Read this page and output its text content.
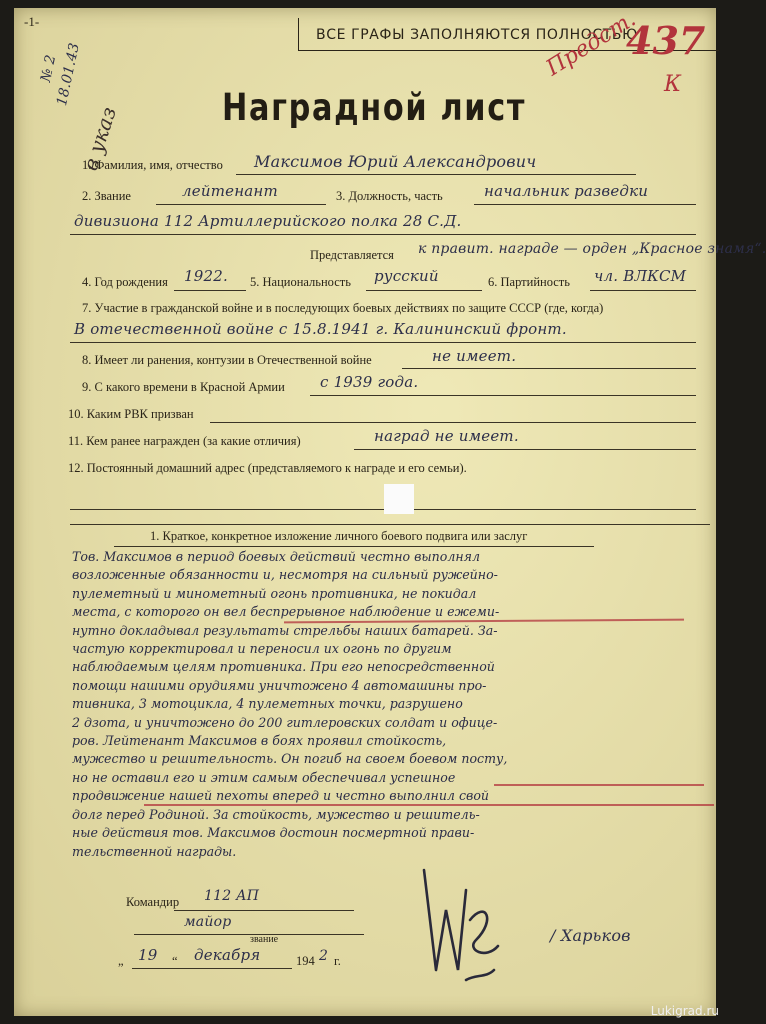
-1-
ВСЕ ГРАФЫ ЗАПОЛНЯЮТСЯ ПОЛНОСТЬЮ
Предст.
437
К
№ 2
18.01.43
в указ	Наградной лист
1. Фамилия, имя, отчество Максимов Юрий Александрович
2. Звание	лейтенант	3. Должность, часть	начальник разведки
дивизиона 112 Артиллерийского полка 28 С.Д.
Представляется к правит. награде — орден „Красное знамя“.
4. Год рождения 1922. 5. Национальность русский	6. Партийность чл. ВЛКСМ
7. Участие в гражданской войне и в последующих боевых действиях по защите СССР (где, когда)
В отечественной войне с 15.8.1941 г. Калининский фронт.
8. Имеет ли ранения, контузии в Отечественной войне	не имеет.
9. С какого времени в Красной Армии с 1939 года.
10. Каким РВК призван
11. Кем ранее награжден (за какие отличия)	наград не имеет.
12. Постоянный домашний адрес (представляемого к награде и его семьи).
1. Краткое, конкретное изложение личного боевого подвига или заслуг
Тов. Максимов в период боевых действий честно выполнял
возложенные обязанности и, несмотря на сильный ружейно-
пулеметный и минометный огонь противника, не покидал
места, с которого он вел беспрерывное наблюдение и ежеми-
нутно докладывал результаты стрельбы наших батарей. За-
частую корректировал и переносил их огонь по другим
наблюдаемым целям противника. При его непосредственной
помощи нашими орудиями уничтожено 4 автомашины про-
тивника, 3 мотоцикла, 4 пулеметных точки, разрушено
2 дзота, и уничтожено до 200 гитлеровских солдат и офице-
ров. Лейтенант Максимов в боях проявил стойкость,
мужество и решительность. Он погиб на своем боевом посту,
но не оставил его и этим самым обеспечивал успешное
продвижение нашей пехоты вперед и честно выполнил свой
долг перед Родиной. За стойкость, мужество и решитель-
ные действия тов. Максимов достоин посмертной прави-
тельственной награды.
Командир 112 АП
майор
звание
„ 19 “ декабря	194 2 г.
/ Харьков
Lukigrad.ru
